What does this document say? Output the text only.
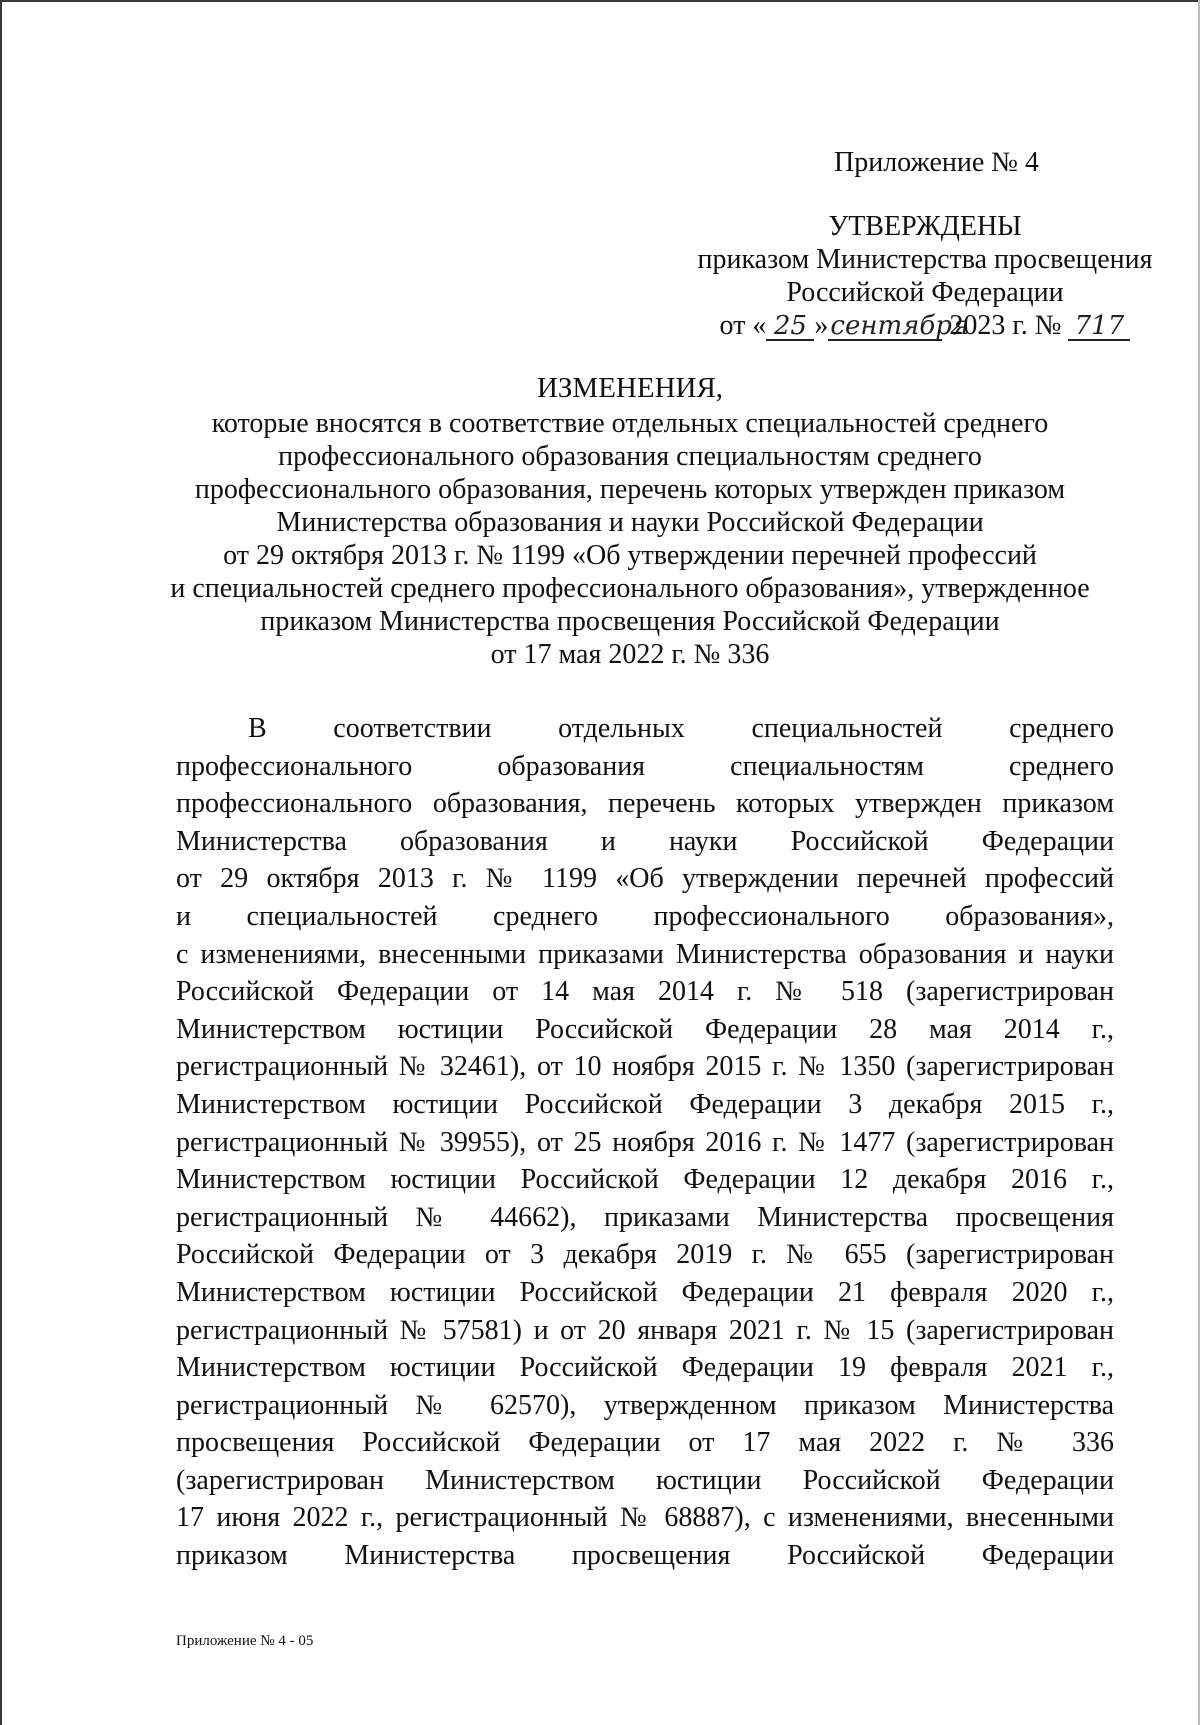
Приложение № 4
УТВЕРЖДЕНЫ
приказом Министерства просвещения
Российской Федерации
от « 25 »сентября 2023 г. № 717
ИЗМЕНЕНИЯ,
которые вносятся в соответствие отдельных специальностей среднего
профессионального образования специальностям среднего
профессионального образования, перечень которых утвержден приказом
Министерства образования и науки Российской Федерации
от 29 октября 2013 г. № 1199 «Об утверждении перечней профессий
и специальностей среднего профессионального образования», утвержденное
приказом Министерства просвещения Российской Федерации
от 17 мая 2022 г. № 336
В соответствии отдельных специальностей среднего
профессионального образования специальностям среднего
профессионального образования, перечень которых утвержден приказом
Министерства образования и науки Российской Федерации
от 29 октября 2013 г. № 1199 «Об утверждении перечней профессий
и специальностей среднего профессионального образования»,
с изменениями, внесенными приказами Министерства образования и науки
Российской Федерации от 14 мая 2014 г. № 518 (зарегистрирован
Министерством юстиции Российской Федерации 28 мая 2014 г.,
регистрационный № 32461), от 10 ноября 2015 г. № 1350 (зарегистрирован
Министерством юстиции Российской Федерации 3 декабря 2015 г.,
регистрационный № 39955), от 25 ноября 2016 г. № 1477 (зарегистрирован
Министерством юстиции Российской Федерации 12 декабря 2016 г.,
регистрационный № 44662), приказами Министерства просвещения
Российской Федерации от 3 декабря 2019 г. № 655 (зарегистрирован
Министерством юстиции Российской Федерации 21 февраля 2020 г.,
регистрационный № 57581) и от 20 января 2021 г. № 15 (зарегистрирован
Министерством юстиции Российской Федерации 19 февраля 2021 г.,
регистрационный № 62570), утвержденном приказом Министерства
просвещения Российской Федерации от 17 мая 2022 г. № 336
(зарегистрирован Министерством юстиции Российской Федерации
17 июня 2022 г., регистрационный № 68887), с изменениями, внесенными
приказом Министерства просвещения Российской Федерации
Приложение № 4 - 05
